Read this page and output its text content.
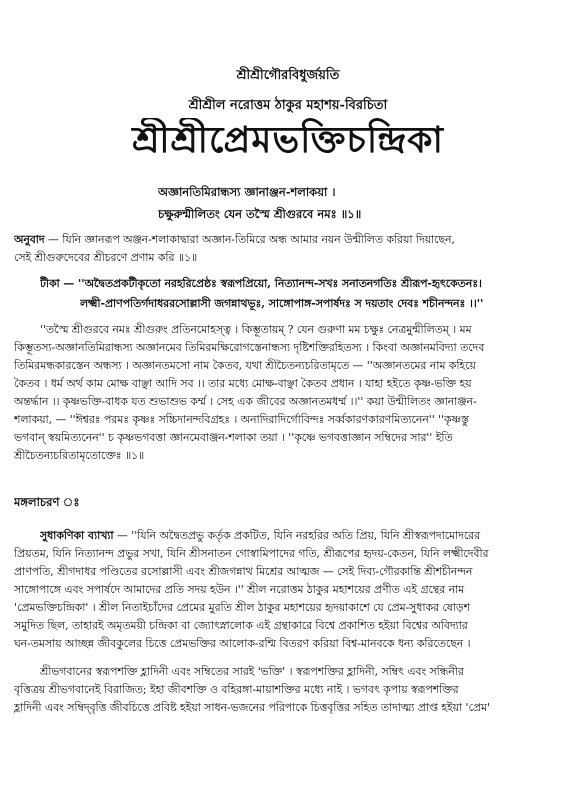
শ্রীশ্রীগৌরবিধুর্জয়তি
শ্রীশ্রীল নরোত্তম ঠাকুর মহাশয়-বিরচিতা
শ্রীশ্রীপ্রেমভক্তিচন্দ্রিকা
অজ্ঞানতিমিরান্ধস্য জ্ঞানাঞ্জন-শলাকয়া ।
চক্ষুরুন্মীলিতং যেন তস্মৈ শ্রীগুরবে নমঃ ॥১॥
অনুবাদ — যিনি জ্ঞানরূপ অঞ্জন-শলাকাদ্বারা অজ্ঞান-তিমিরে অন্ধ আমার নয়ন উন্মীলিত করিয়া দিয়াছেন,
সেই শ্রীগুরুদেবের শ্রীচরণে প্রণাম করি ॥১॥
টীকা — ''অদ্বৈতপ্রকটীকৃতো নরহরিপ্রেষ্ঠঃ স্বরূপপ্রিয়ো, নিত্যানন্দ-সখঃ সনাতনগতিঃ শ্রীরূপ-হৃৎকেতনঃ।
লক্ষ্মী-প্রাণপতির্গদাধররসোল্লাসী জগন্নাথভূঃ, সাঙ্গোপাঙ্গ-সপার্ষদঃ স দয়তাং দেবঃ শচীনন্দনঃ ।।''
''তস্মৈ শ্রীগুরবে নমঃ শ্রীগুরুং প্রতিনমোহস্ত্ব । কিম্ভূতায়ম্ ? যেন গুরুণা মম চক্ষুঃ নেত্রমুন্মীলিতম্ । মম
কিম্ভূতস্য-অজ্ঞানতিমিরান্ধস্য অজ্ঞানমেব তিমিরমক্ষিরোগস্তেনান্ধস্য দৃষ্টিশক্তিরহিতস্য । কিংবা অজ্ঞানমবিদ্যা তদেব
তিমিরমন্ধকারস্তেন অন্ধস্য । অজ্ঞানতমসো নাম কৈতব, যথা শ্রীচৈতন্যচরিতামৃতে — ''অজ্ঞানতমের নাম কহিয়ে
কৈতব । ধর্ম অর্থ কাম মোক্ষ বাঞ্ছা আদি সব ।। তার মধ্যে মোক্ষ-বাঞ্ছা কৈতব প্রধান । যাহা হইতে কৃষ্ণ-ভক্তি হয়
অন্তর্দ্ধান ।। কৃষ্ণভক্তি-বাধক যত শুভাশুভ কর্ম্ম । সেহ এক জীবের অজ্ঞানতমধর্ম্ম ।।'' কয়া উন্মীলিতং জ্ঞানাঞ্জন-
শলাকয়া, — ''ঈশ্বরঃ পরমঃ কৃষ্ণঃ সচ্চিদানন্দবিগ্রহঃ । অনাদিরাদির্গোবিন্দঃ সর্ব্বকারণকারণমিত্যনেন'' ''কৃষ্ণস্তু
ভগবান্ স্বয়মিত্যনেন'' চ কৃষ্ণভগবত্তা জ্ঞানমেবাঞ্জন-শলাকা তয়া । ''কৃষ্ণে ভগবত্তাজ্ঞান সম্বিদের সার'' ইতি
শ্রীচৈতন্যচরিতামৃতোক্তেঃ ॥১॥
মঙ্গলাচরণ ঃ
সুধাকণিকা ব্যাখ্যা — ''যিনি অদ্বৈতপ্রভু কর্তৃক প্রকটিত, যিনি নরহরির অতি প্রিয়, যিনি শ্রীস্বরূপদামোদরের
প্রিয়তম, যিনি নিত্যানন্দ প্রভুর সখা, যিনি শ্রীসনাতন গোস্বামিপাদের গতি, শ্রীরূপের হৃদয়-কেতন, যিনি লক্ষ্মীদেবীর
প্রাণপতি, শ্রীগদাধর পণ্ডিতের রসোল্লাসী এবং শ্রীজগন্নাথ মিশ্রের আত্মজ — সেই দিব্য-গৌরকান্তি শ্রীশচীনন্দন
সাঙ্গোপাঙ্গে এবং সপার্ষদে আমাদের প্রতি সদয় হউন ।'' শ্রীল নরোত্তম ঠাকুর মহাশয়ের প্রণীত এই গ্রন্থের নাম
'প্রেমভক্তিচন্দ্রিকা' । শ্রীল নিতাইচাঁদের প্রেমের মুরতি শ্রীল ঠাকুর মহাশয়ের হৃদয়াকাশে যে প্রেম-সুধাকর ষোড়শ
সমুদিত ছিল, তাহারই অমৃতময়ী চন্দ্রিকা বা জ্যোৎস্নালোক এই গ্রন্থাকারে বিশ্বে প্রকাশিত হইয়া বিশ্বের অবিদ্যার
ঘন-তমসায় আচ্ছন্ন জীবকুলের চিত্তে প্রেমভক্তির আলোক-রশ্মি বিতরণ করিয়া বিশ্ব-মানবকে ধন্য করিতেছেন ।
শ্রীভগবানের স্বরূপশক্তি হ্লাদিনী এবং সম্বিতের সারই 'ভক্তি' । স্বরূপশক্তির হ্লাদিনী, সম্বিৎ এবং সন্ধিনীর
বৃত্তিত্রয় শ্রীভগবানেই বিরাজিত; ইহা জীবশক্তি ও বহিরঙ্গা-মায়াশক্তির মধ্যে নাই । ভগবৎ কৃপায় স্বরূপশক্তির
হ্লাদিনী এবং সম্বিদ্‌বৃত্তি জীবচিত্তে প্রবিষ্ট হইয়া সাধন-ভজনের পরিপাকে চিত্তবৃত্তির সহিত তাদাত্ম্য প্রাপ্ত হইয়া 'প্রেম'
